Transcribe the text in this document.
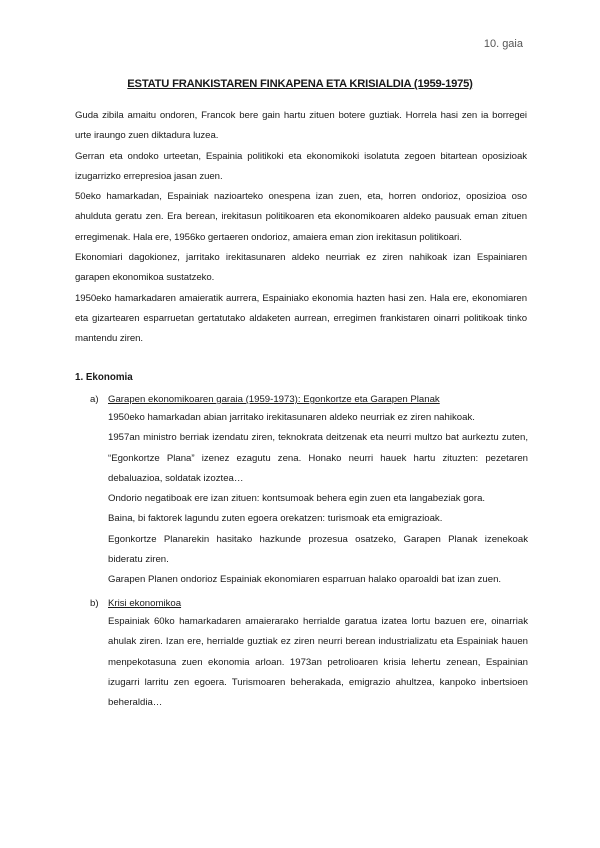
10. gaia
ESTATU FRANKISTAREN FINKAPENA ETA KRISIALDIA (1959-1975)

Guda zibila amaitu ondoren, Francok bere gain hartu zituen botere guztiak. Horrela hasi zen ia borregei urte iraungo zuen diktadura luzea.

Gerran eta ondoko urteetan, Espainia politikoki eta ekonomikoki isolatuta zegoen bitartean oposizioak izugarrizko errepresioa jasan zuen.

50eko hamarkadan, Espainiak nazioarteko onespena izan zuen, eta, horren ondorioz, oposizioa oso ahulduta geratu zen. Era berean, irekitasun politikoaren eta ekonomikoaren aldeko pausuak eman zituen erregimenak. Hala ere, 1956ko gertaeren ondorioz, amaiera eman zion irekitasun politikoari.

Ekonomiari dagokionez, jarritako irekitasunaren aldeko neurriak ez ziren nahikoak izan Espainiaren garapen ekonomikoa sustatzeko.

1950eko hamarkadaren amaieratik aurrera, Espainiako ekonomia hazten hasi zen. Hala ere, ekonomiaren eta gizartearen esparruetan gertatutako aldaketen aurrean, erregimen frankistaren oinarri politikoak tinko mantendu ziren.

1. Ekonomia
a) Garapen ekonomikoaren garaia (1959-1973): Egonkortze eta Garapen Planak

1950eko hamarkadan abian jarritako irekitasunaren aldeko neurriak ez ziren nahikoak.

1957an ministro berriak izendatu ziren, teknokrata deitzenak eta neurri multzo bat aurkeztu zuten, “Egonkortze Plana” izenez ezagutu zena. Honako neurri hauek hartu zituzten: pezetaren debaluazioa, soldatak izoztea…

Ondorio negatiboak ere izan zituen: kontsumoak behera egin zuen eta langabeziak gora.

Baina, bi faktorek lagundu zuten egoera orekatzen: turismoak eta emigrazioak.

Egonkortze Planarekin hasitako hazkunde prozesua osatzeko, Garapen Planak izenekoak bideratu ziren.

Garapen Planen ondorioz Espainiak ekonomiaren esparruan halako oparoaldi bat izan zuen.

b) Krisi ekonomikoa

Espainiak 60ko hamarkadaren amaierarako herrialde garatua izatea lortu bazuen ere, oinarriak ahulak ziren. Izan ere, herrialde guztiak ez ziren neurri berean industrializatu eta Espainiak hauen menpekotasuna zuen ekonomia arloan. 1973an petrolioaren krisia lehertu zenean, Espainian izugarri larritu zen egoera. Turismoaren beherakada, emigrazio ahultzea, kanpoko inbertsioen beheraldia…
